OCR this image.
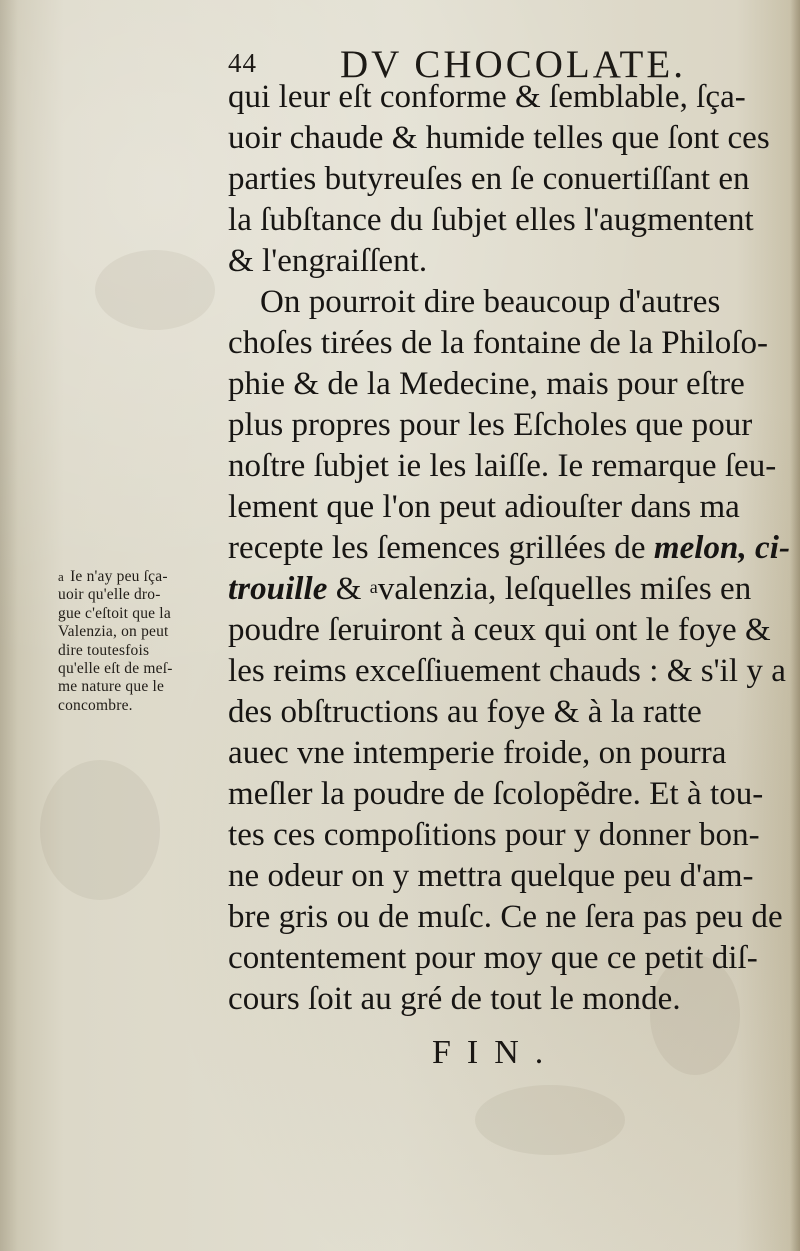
44 DV CHOCOLATE.
qui leur eſt conforme & ſemblable, ſça-
uoir chaude & humide telles que ſont ces
parties butyreuſes en ſe conuertiſſant en
la ſubſtance du ſubjet elles l'augmentent
& l'engraiſſent.
On pourroit dire beaucoup d'autres
choſes tirées de la fontaine de la Philoſo-
phie & de la Medecine, mais pour eſtre
plus propres pour les Eſcholes que pour
noſtre ſubjet ie les laiſſe. Ie remarque ſeu-
lement que l'on peut adiouſter dans ma
recepte les ſemences grillées de melon, ci-
trouille & $^a$valenzia, leſquelles miſes en
poudre ſeruiront à ceux qui ont le foye &
les reims exceſſiuement chauds : & s'il y a
des obſtructions au foye & à la ratte
auec vne intemperie froide, on pourra
meſler la poudre de ſcolopẽdre. Et à tou-
tes ces compoſitions pour y donner bon-
ne odeur on y mettra quelque peu d'am-
bre gris ou de muſc. Ce ne ſera pas peu de
contentement pour moy que ce petit diſ-
cours ſoit au gré de tout le monde.
a Ie n'ay peu ſça-
uoir qu'elle dro-
gue c'eſtoit que la
Valenzia, on peut
dire toutesfois
qu'elle eſt de meſ-
me nature que le
concombre.
FIN.
